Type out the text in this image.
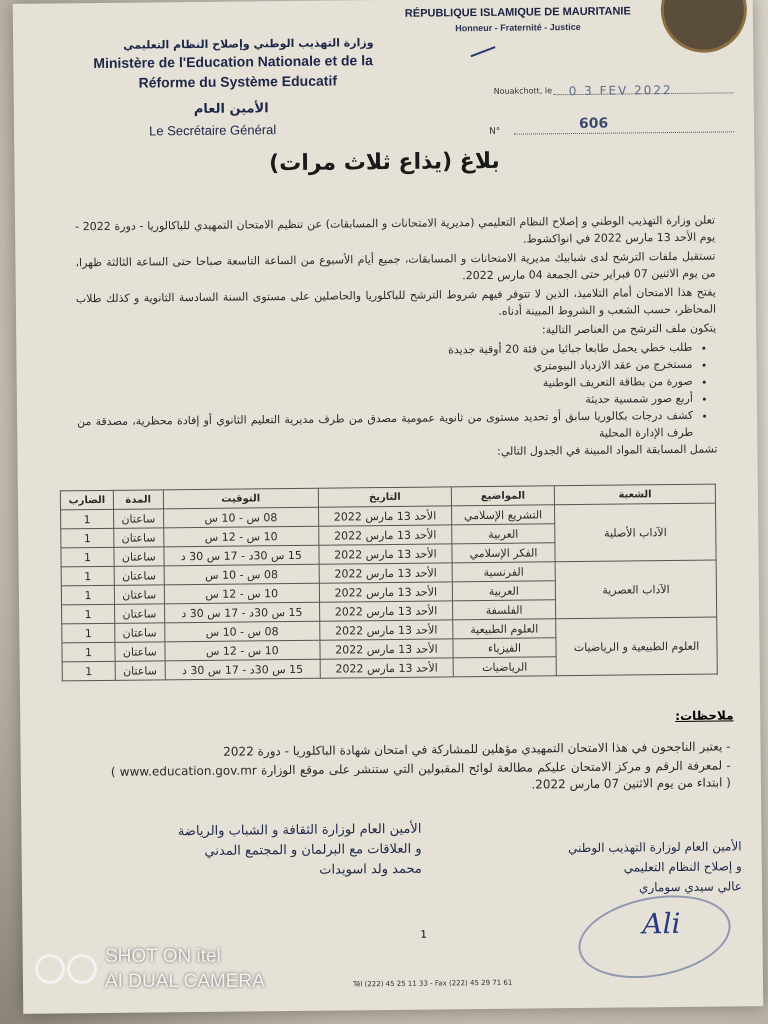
RÉPUBLIQUE ISLAMIQUE DE MAURITANIE
Honneur - Fraternité - Justice
وزارة التهذيب الوطني وإصلاح النظام التعليمي
Ministère de l'Education Nationale et de la
Réforme du Système Educatif
الأمين العام
Le Secrétaire Général
Nouakchott, le 0 3 FEV 2022
N°	606
بلاغ (يذاع ثلاث مرات)

تعلن وزارة التهذيب الوطني و إصلاح النظام التعليمي (مديرية الامتحانات و المسابقات) عن تنظيم الامتحان التمهيدي للباكالوريا - دورة 2022 - يوم الأحد 13 مارس 2022 في انواكشوط.

تستقبل ملفات الترشح لدى شبابيك مديرية الامتحانات و المسابقات، جميع أيام الأسبوع من الساعة التاسعة صباحا حتى الساعة الثالثة ظهرا، من يوم الاثنين 07 فبراير حتى الجمعة 04 مارس 2022.

يفتح هذا الامتحان أمام التلاميذ، الذين لا تتوفر فيهم شروط الترشح للباكلوريا والحاصلين على مستوى السنة السادسة الثانوية و كذلك طلاب المحاظر، حسب الشعب و الشروط المبينة أدناه.

يتكون ملف الترشح من العناصر التالية:

• طلب خطي يحمل طابعا جبائيا من فئة 20 أوقية جديدة
• مستخرج من عقد الازدياد البيومتري
• صورة من بطاقة التعريف الوطنية
• أربع صور شمسية حديثة
• كشف درجات بكالوريا سابق أو تحديد مستوى من ثانوية عمومية مصدق من طرف مديرية التعليم الثانوي أو إفادة محظرية، مصدقة من طرف الإدارة المحلية

تشمل المسابقة المواد المبينة في الجدول التالي:

الشعبة	المواضيع	التاريخ	التوقيت	المدة	الضارب
الآداب الأصلية	التشريع الإسلامي	الأحد 13 مارس 2022	08 س - 10 س	ساعتان	1
	العربية	الأحد 13 مارس 2022	10 س - 12 س	ساعتان	1
	الفكر الإسلامي	الأحد 13 مارس 2022	15 س 30د - 17 س 30 د	ساعتان	1
الآداب العصرية	الفرنسية	الأحد 13 مارس 2022	08 س - 10 س	ساعتان	1
	العربية	الأحد 13 مارس 2022	10 س - 12 س	ساعتان	1
	الفلسفة	الأحد 13 مارس 2022	15 س 30د - 17 س 30 د	ساعتان	1
العلوم الطبيعية و الرياضيات	العلوم الطبيعية	الأحد 13 مارس 2022	08 س - 10 س	ساعتان	1
	الفيزياء	الأحد 13 مارس 2022	10 س - 12 س	ساعتان	1
	الرياضيات	الأحد 13 مارس 2022	15 س 30د - 17 س 30 د	ساعتان	1
ملاحظات:

- يعتبر الناجحون في هذا الامتحان التمهيدي مؤهلين للمشاركة في امتحان شهادة الباكلوريا - دورة 2022

- لمعرفة الرقم و مركز الامتحان عليكم مطالعة لوائح المقبولين التي ستنشر على موقع الوزارة ( www.education.gov.mr ) ابتداء من يوم الاثنين 07 مارس 2022.

الأمين العام لوزارة الثقافة و الشباب والرياضة
و العلاقات مع البرلمان و المجتمع المدني
محمد ولد اسويدات
الأمين العام لوزارة التهذيب الوطني
و إصلاح النظام التعليمي
عالي سيدي سوماري
Ali
1
Tél (222) 45 25 11 33 - Fax (222) 45 29 71 61
SHOT ON itel
AI DUAL CAMERA
